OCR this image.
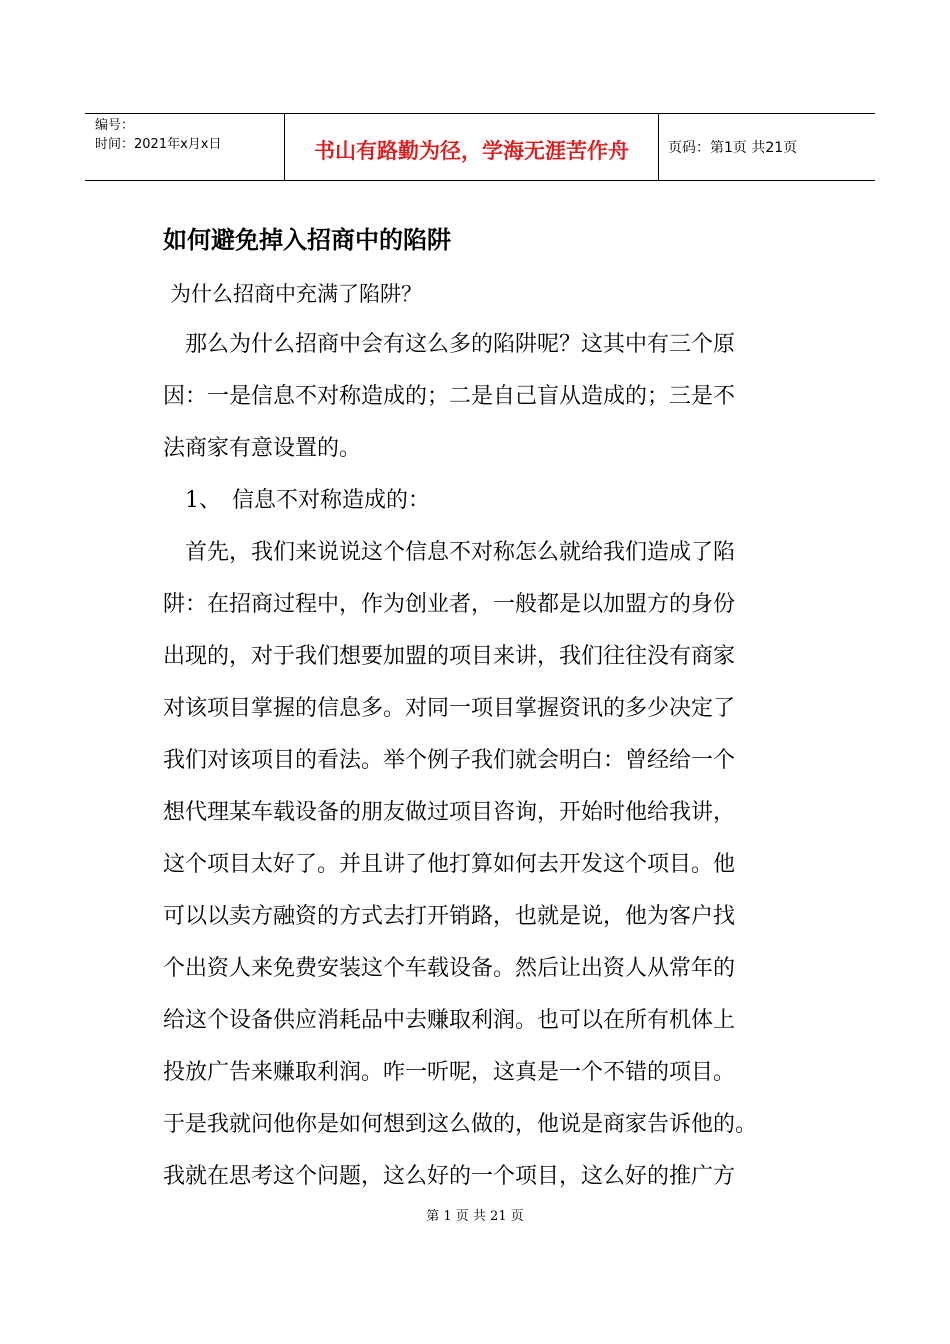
编号：
时间：2021年x月x日	书山有路勤为径，学海无涯苦作舟	页码：第1页 共21页
如何避免掉入招商中的陷阱
为什么招商中充满了陷阱？
　那么为什么招商中会有这么多的陷阱呢？这其中有三个原
因：一是信息不对称造成的；二是自己盲从造成的；三是不
法商家有意设置的。
　1、　信息不对称造成的：
　首先，我们来说说这个信息不对称怎么就给我们造成了陷
阱：在招商过程中，作为创业者，一般都是以加盟方的身份
出现的，对于我们想要加盟的项目来讲，我们往往没有商家
对该项目掌握的信息多。对同一项目掌握资讯的多少决定了
我们对该项目的看法。举个例子我们就会明白：曾经给一个
想代理某车载设备的朋友做过项目咨询，开始时他给我讲，
这个项目太好了。并且讲了他打算如何去开发这个项目。他
可以以卖方融资的方式去打开销路，也就是说，他为客户找
个出资人来免费安装这个车载设备。然后让出资人从常年的
给这个设备供应消耗品中去赚取利润。也可以在所有机体上
投放广告来赚取利润。咋一听呢，这真是一个不错的项目。
于是我就问他你是如何想到这么做的，他说是商家告诉他的。
我就在思考这个问题，这么好的一个项目，这么好的推广方
第 1 页 共 21 页
